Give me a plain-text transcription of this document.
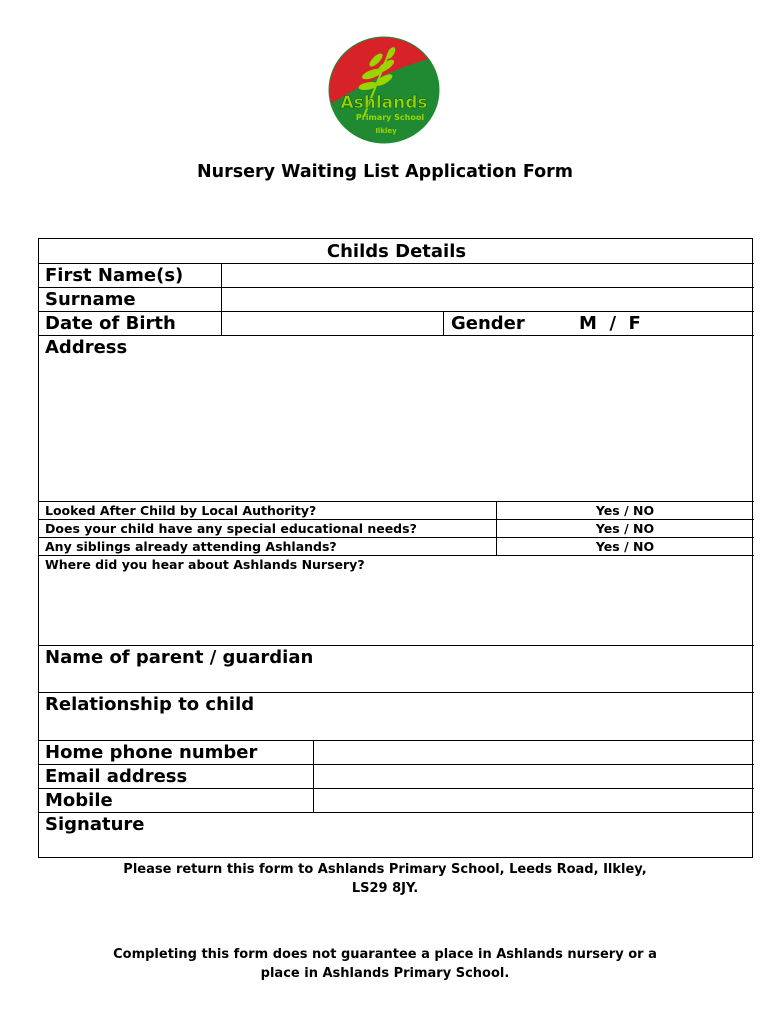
Ashlands
Primary School
Ilkley
Nursery Waiting List Application Form
Childs Details
First Name(s)
Surname
Date of Birth	Gender	M  /  F
Address
Looked After Child by Local Authority?	Yes / NO
Does your child have any special educational needs?	Yes / NO
Any siblings already attending Ashlands?	Yes / NO
Where did you hear about Ashlands Nursery?
Name of parent / guardian
Relationship to child
Home phone number
Email address
Mobile
Signature
Please return this form to Ashlands Primary School, Leeds Road, Ilkley,
LS29 8JY.
Completing this form does not guarantee a place in Ashlands nursery or a
place in Ashlands Primary School.
